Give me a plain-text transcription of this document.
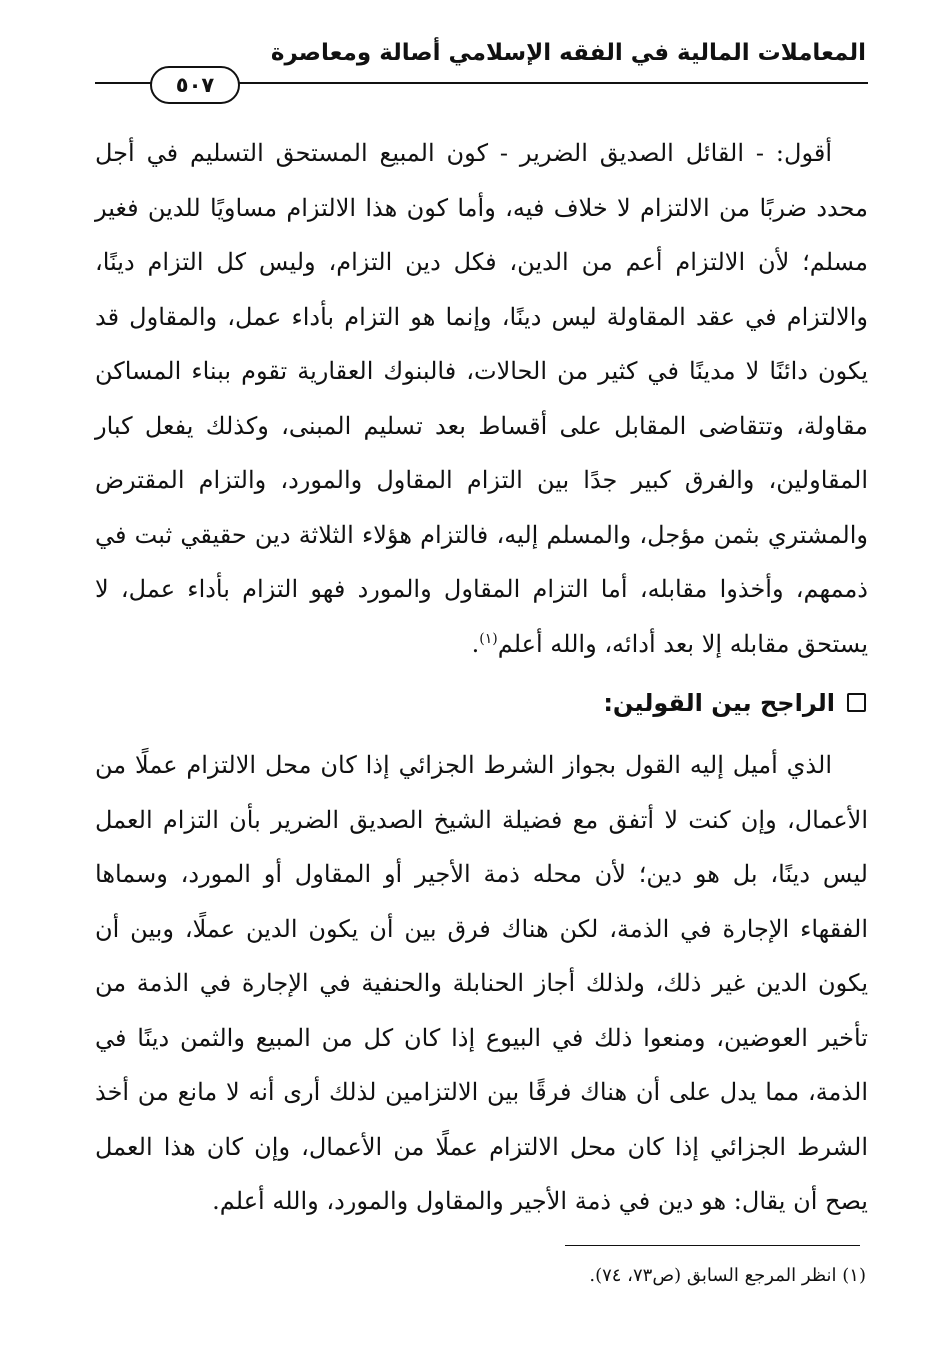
المعاملات المالية في الفقه الإسلامي أصالة ومعاصرة
٥٠٧

أقول: - القائل الصديق الضرير - كون المبيع المستحق التسليم في أجل محدد ضربًا من الالتزام لا خلاف فيه، وأما كون هذا الالتزام مساويًا للدين فغير مسلم؛ لأن الالتزام أعم من الدين، فكل دين التزام، وليس كل التزام دينًا، والالتزام في عقد المقاولة ليس دينًا، وإنما هو التزام بأداء عمل، والمقاول قد يكون دائنًا لا مدينًا في كثير من الحالات، فالبنوك العقارية تقوم ببناء المساكن مقاولة، وتتقاضى المقابل على أقساط بعد تسليم المبنى، وكذلك يفعل كبار المقاولين، والفرق كبير جدًا بين التزام المقاول والمورد، والتزام المقترض والمشتري بثمن مؤجل، والمسلم إليه، فالتزام هؤلاء الثلاثة دين حقيقي ثبت في ذممهم، وأخذوا مقابله، أما التزام المقاول والمورد فهو التزام بأداء عمل، لا يستحق مقابله إلا بعد أدائه، والله أعلم$^{(١)}$.

الراجح بين القولين:

الذي أميل إليه القول بجواز الشرط الجزائي إذا كان محل الالتزام عملًا من الأعمال، وإن كنت لا أتفق مع فضيلة الشيخ الصديق الضرير بأن التزام العمل ليس دينًا، بل هو دين؛ لأن محله ذمة الأجير أو المقاول أو المورد، وسماها الفقهاء الإجارة في الذمة، لكن هناك فرق بين أن يكون الدين عملًا، وبين أن يكون الدين غير ذلك، ولذلك أجاز الحنابلة والحنفية في الإجارة في الذمة من تأخير العوضين، ومنعوا ذلك في البيوع إذا كان كل من المبيع والثمن دينًا في الذمة، مما يدل على أن هناك فرقًا بين الالتزامين لذلك أرى أنه لا مانع من أخذ الشرط الجزائي إذا كان محل الالتزام عملًا من الأعمال، وإن كان هذا العمل يصح أن يقال: هو دين في ذمة الأجير والمقاول والمورد، والله أعلم.

(١) انظر المرجع السابق (ص٧٣، ٧٤).
